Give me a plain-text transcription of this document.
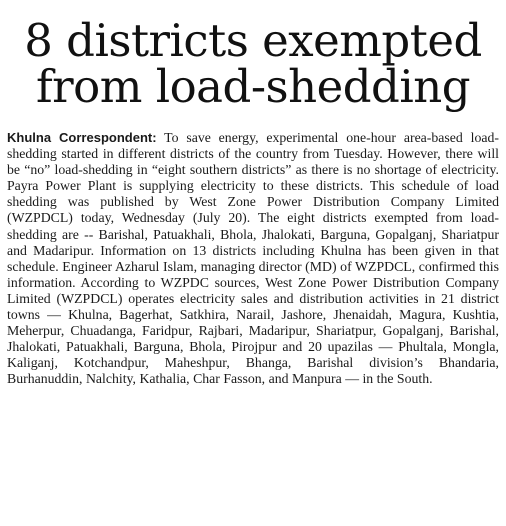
8 districts exempted
from load-shedding

Khulna Correspondent: To save energy, experimental one-hour area-based load-shedding started in different districts of the country from Tuesday. However, there will be “no” load-shedding in “eight southern districts” as there is no shortage of electricity. Payra Power Plant is supplying electricity to these districts. This schedule of load shedding was published by West Zone Power Distribution Company Limited (WZPDCL) today, Wednesday (July 20). The eight districts exempted from load-shedding are -- Barishal, Patuakhali, Bhola, Jhalokati, Barguna, Gopalganj, Shariatpur and Madaripur. Information on 13 districts including Khulna has been given in that schedule. Engineer Azharul Islam, managing director (MD) of WZPDCL, confirmed this information. According to WZPDC sources, West Zone Power Distribution Company Limited (WZPDCL) operates electricity sales and distribution activities in 21 district towns — Khulna, Bagerhat, Satkhira, Narail, Jashore, Jhenaidah, Magura, Kushtia, Meherpur, Chuadanga, Faridpur, Rajbari, Madaripur, Shariatpur, Gopalganj, Barishal, Jhalokati, Patuakhali, Barguna, Bhola, Pirojpur and 20 upazilas — Phultala, Mongla, Kaliganj, Kotchandpur, Maheshpur, Bhanga, Barishal division’s Bhandaria, Burhanuddin, Nalchity, Kathalia, Char Fasson, and Manpura — in the South.
